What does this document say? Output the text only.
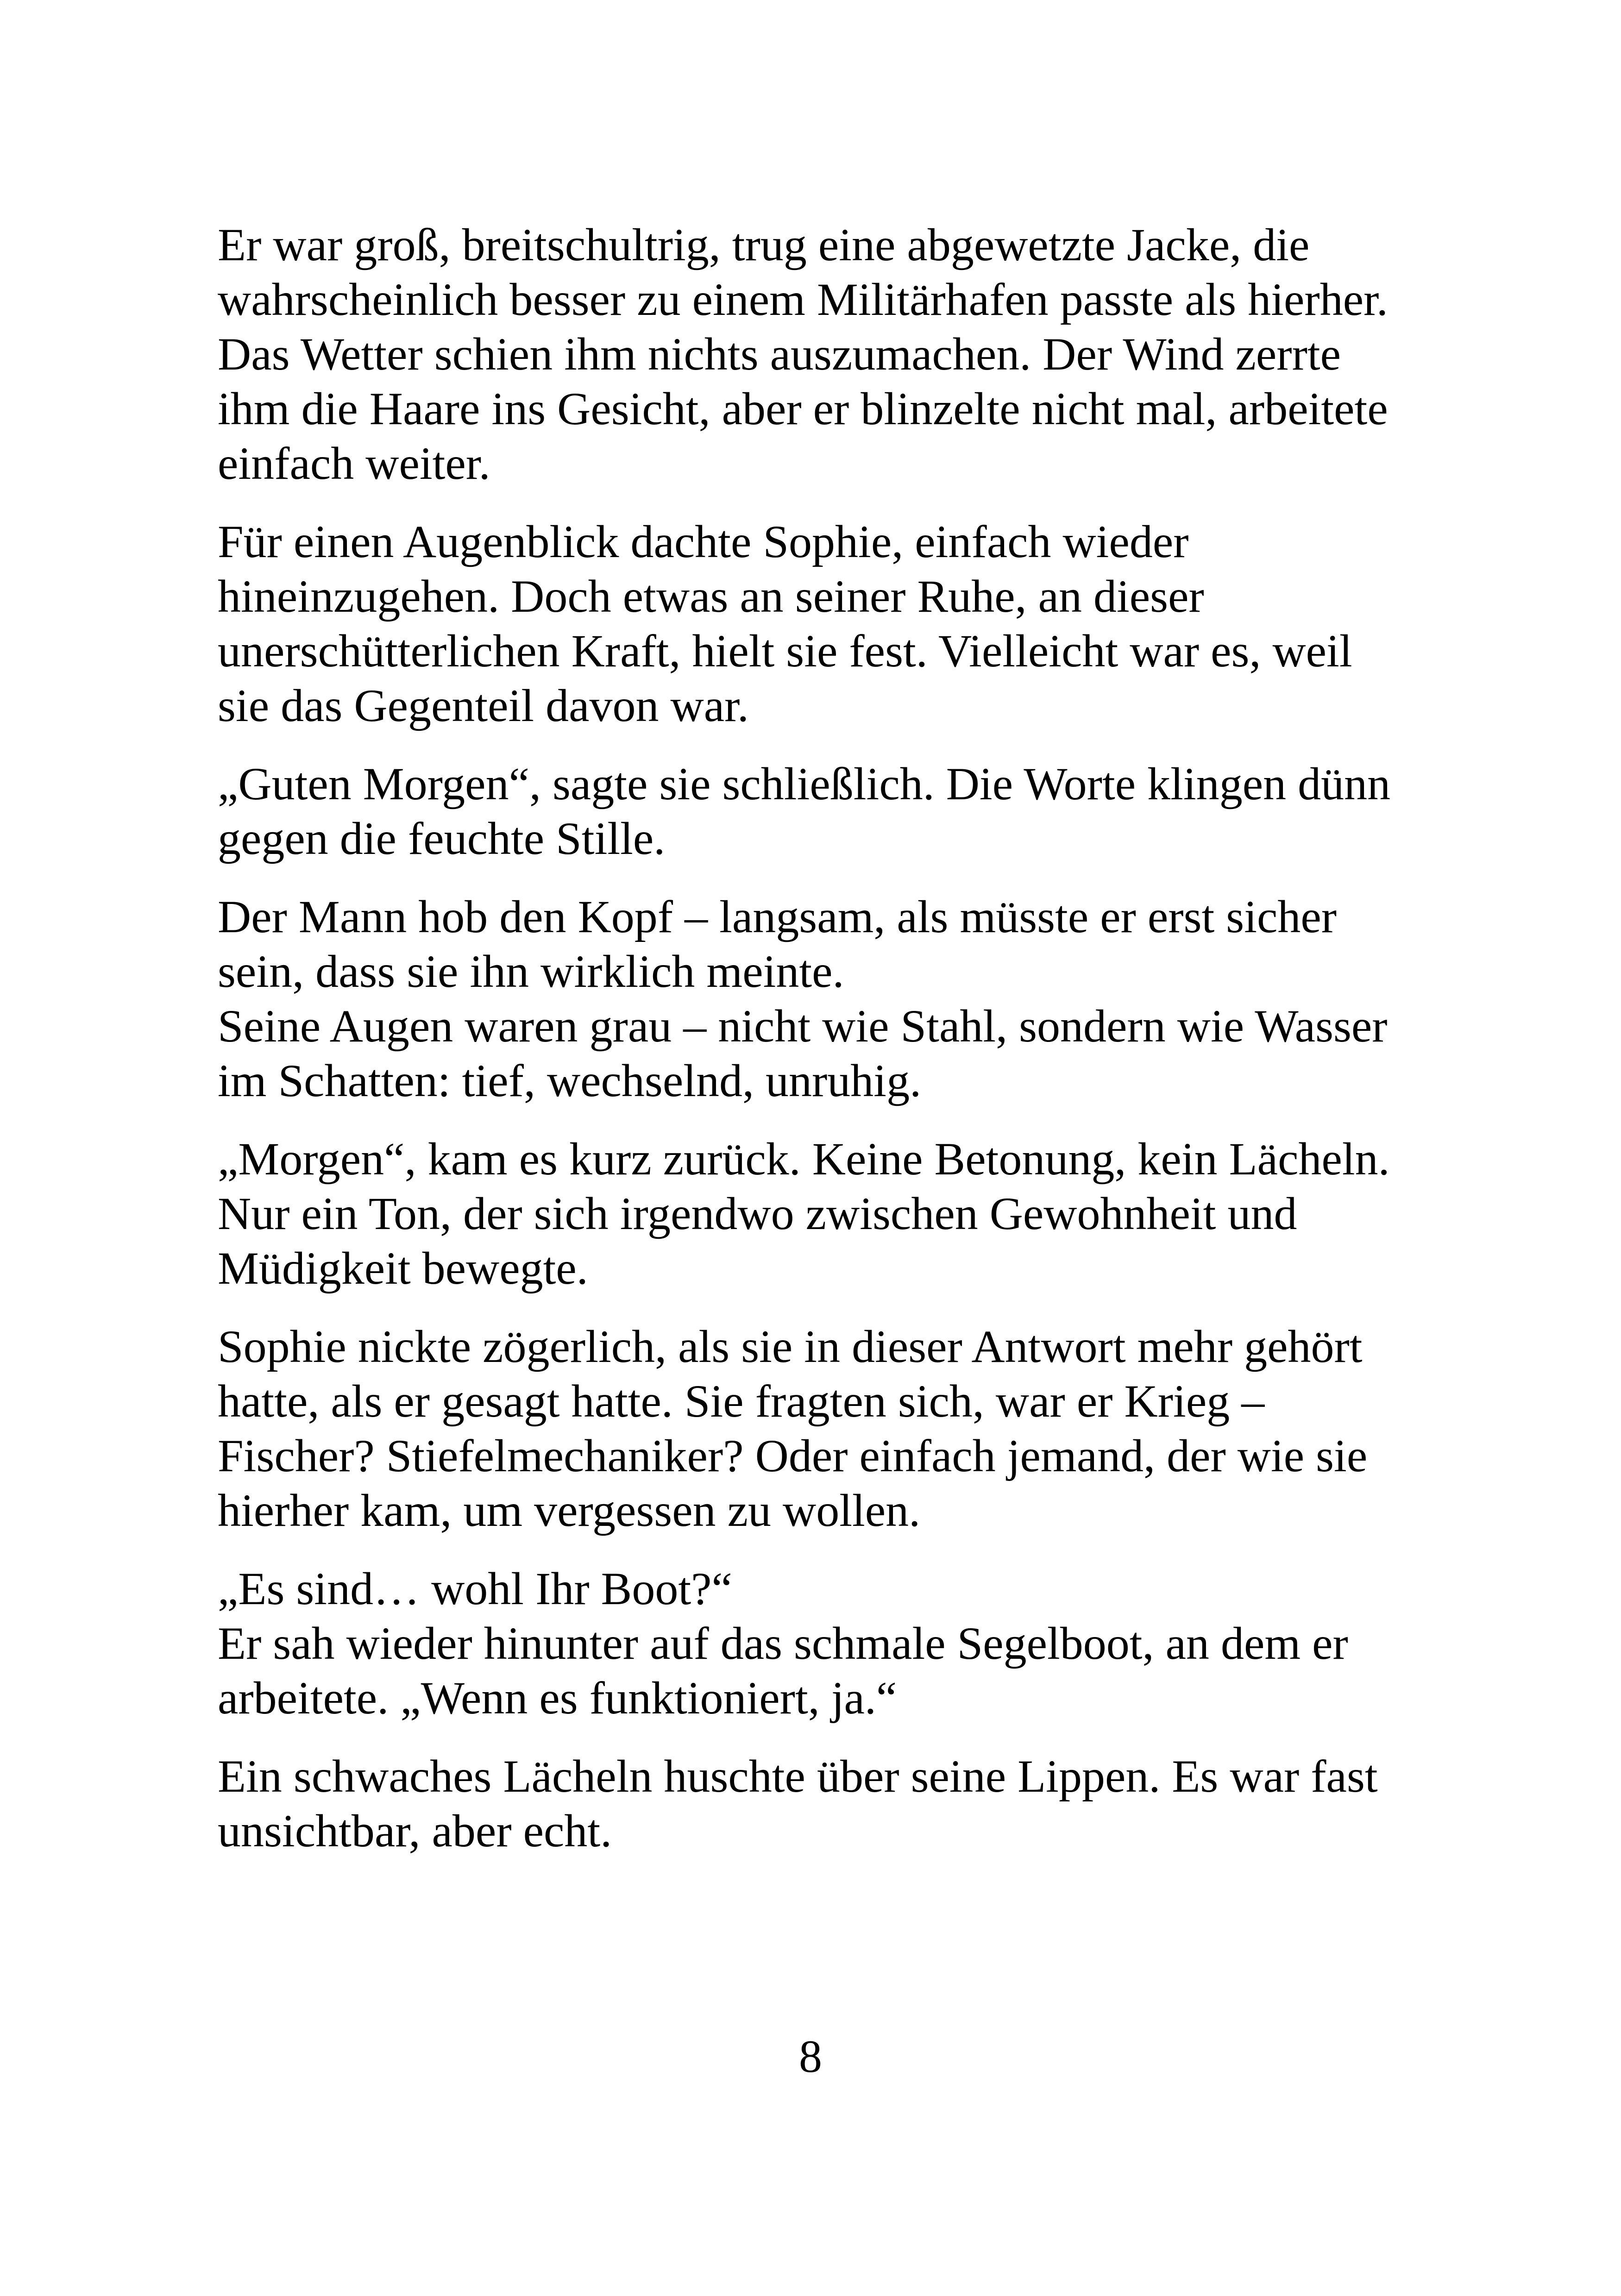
Er war groß, breitschultrig, trug eine abgewetzte Jacke, die
wahrscheinlich besser zu einem Militärhafen passte als hierher.
Das Wetter schien ihm nichts auszumachen. Der Wind zerrte
ihm die Haare ins Gesicht, aber er blinzelte nicht mal, arbeitete
einfach weiter.

Für einen Augenblick dachte Sophie, einfach wieder
hineinzugehen. Doch etwas an seiner Ruhe, an dieser
unerschütterlichen Kraft, hielt sie fest. Vielleicht war es, weil
sie das Gegenteil davon war.

„Guten Morgen“, sagte sie schließlich. Die Worte klingen dünn
gegen die feuchte Stille.

Der Mann hob den Kopf – langsam, als müsste er erst sicher
sein, dass sie ihn wirklich meinte.
Seine Augen waren grau – nicht wie Stahl, sondern wie Wasser
im Schatten: tief, wechselnd, unruhig.

„Morgen“, kam es kurz zurück. Keine Betonung, kein Lächeln.
Nur ein Ton, der sich irgendwo zwischen Gewohnheit und
Müdigkeit bewegte.

Sophie nickte zögerlich, als sie in dieser Antwort mehr gehört
hatte, als er gesagt hatte. Sie fragten sich, war er Krieg –
Fischer? Stiefelmechaniker? Oder einfach jemand, der wie sie
hierher kam, um vergessen zu wollen.

„Es sind… wohl Ihr Boot?“
Er sah wieder hinunter auf das schmale Segelboot, an dem er
arbeitete. „Wenn es funktioniert, ja.“

Ein schwaches Lächeln huschte über seine Lippen. Es war fast
unsichtbar, aber echt.

8
